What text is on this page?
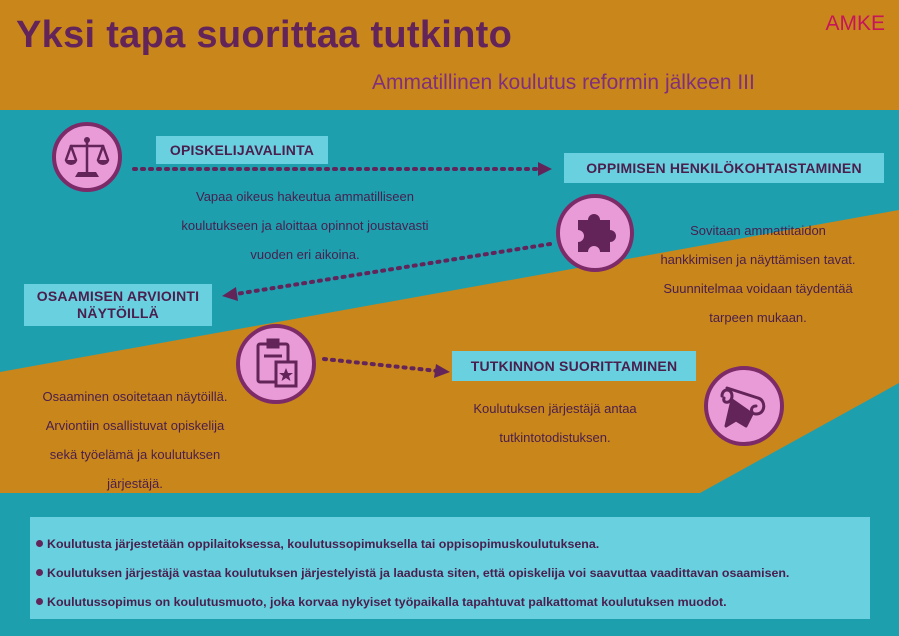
Yksi tapa suorittaa tutkinto	AMKE
Ammatillinen koulutus reformin jälkeen III
OPISKELIJAVALINTA
Vapaa oikeus hakeutua ammatilliseen
koulutukseen ja aloittaa opinnot joustavasti
vuoden eri aikoina.
OPPIMISEN HENKILÖKOHTAISTAMINEN
Sovitaan ammattitaidon
hankkimisen ja näyttämisen tavat.
Suunnitelmaa voidaan täydentää
tarpeen mukaan.
OSAAMISEN ARVIOINTI
NÄYTÖILLÄ
Osaaminen osoitetaan näytöillä.
Arviontiin osallistuvat opiskelija
sekä työelämä ja koulutuksen
järjestäjä.
TUTKINNON SUORITTAMINEN
Koulutuksen järjestäjä antaa
tutkintotodistuksen.
Koulutusta järjestetään oppilaitoksessa, koulutussopimuksella tai oppisopimuskoulutuksena.
Koulutuksen järjestäjä vastaa koulutuksen järjestelyistä ja laadusta siten, että opiskelija voi saavuttaa vaadittavan osaamisen.
Koulutussopimus on koulutusmuoto, joka korvaa nykyiset työpaikalla tapahtuvat palkattomat koulutuksen muodot.
